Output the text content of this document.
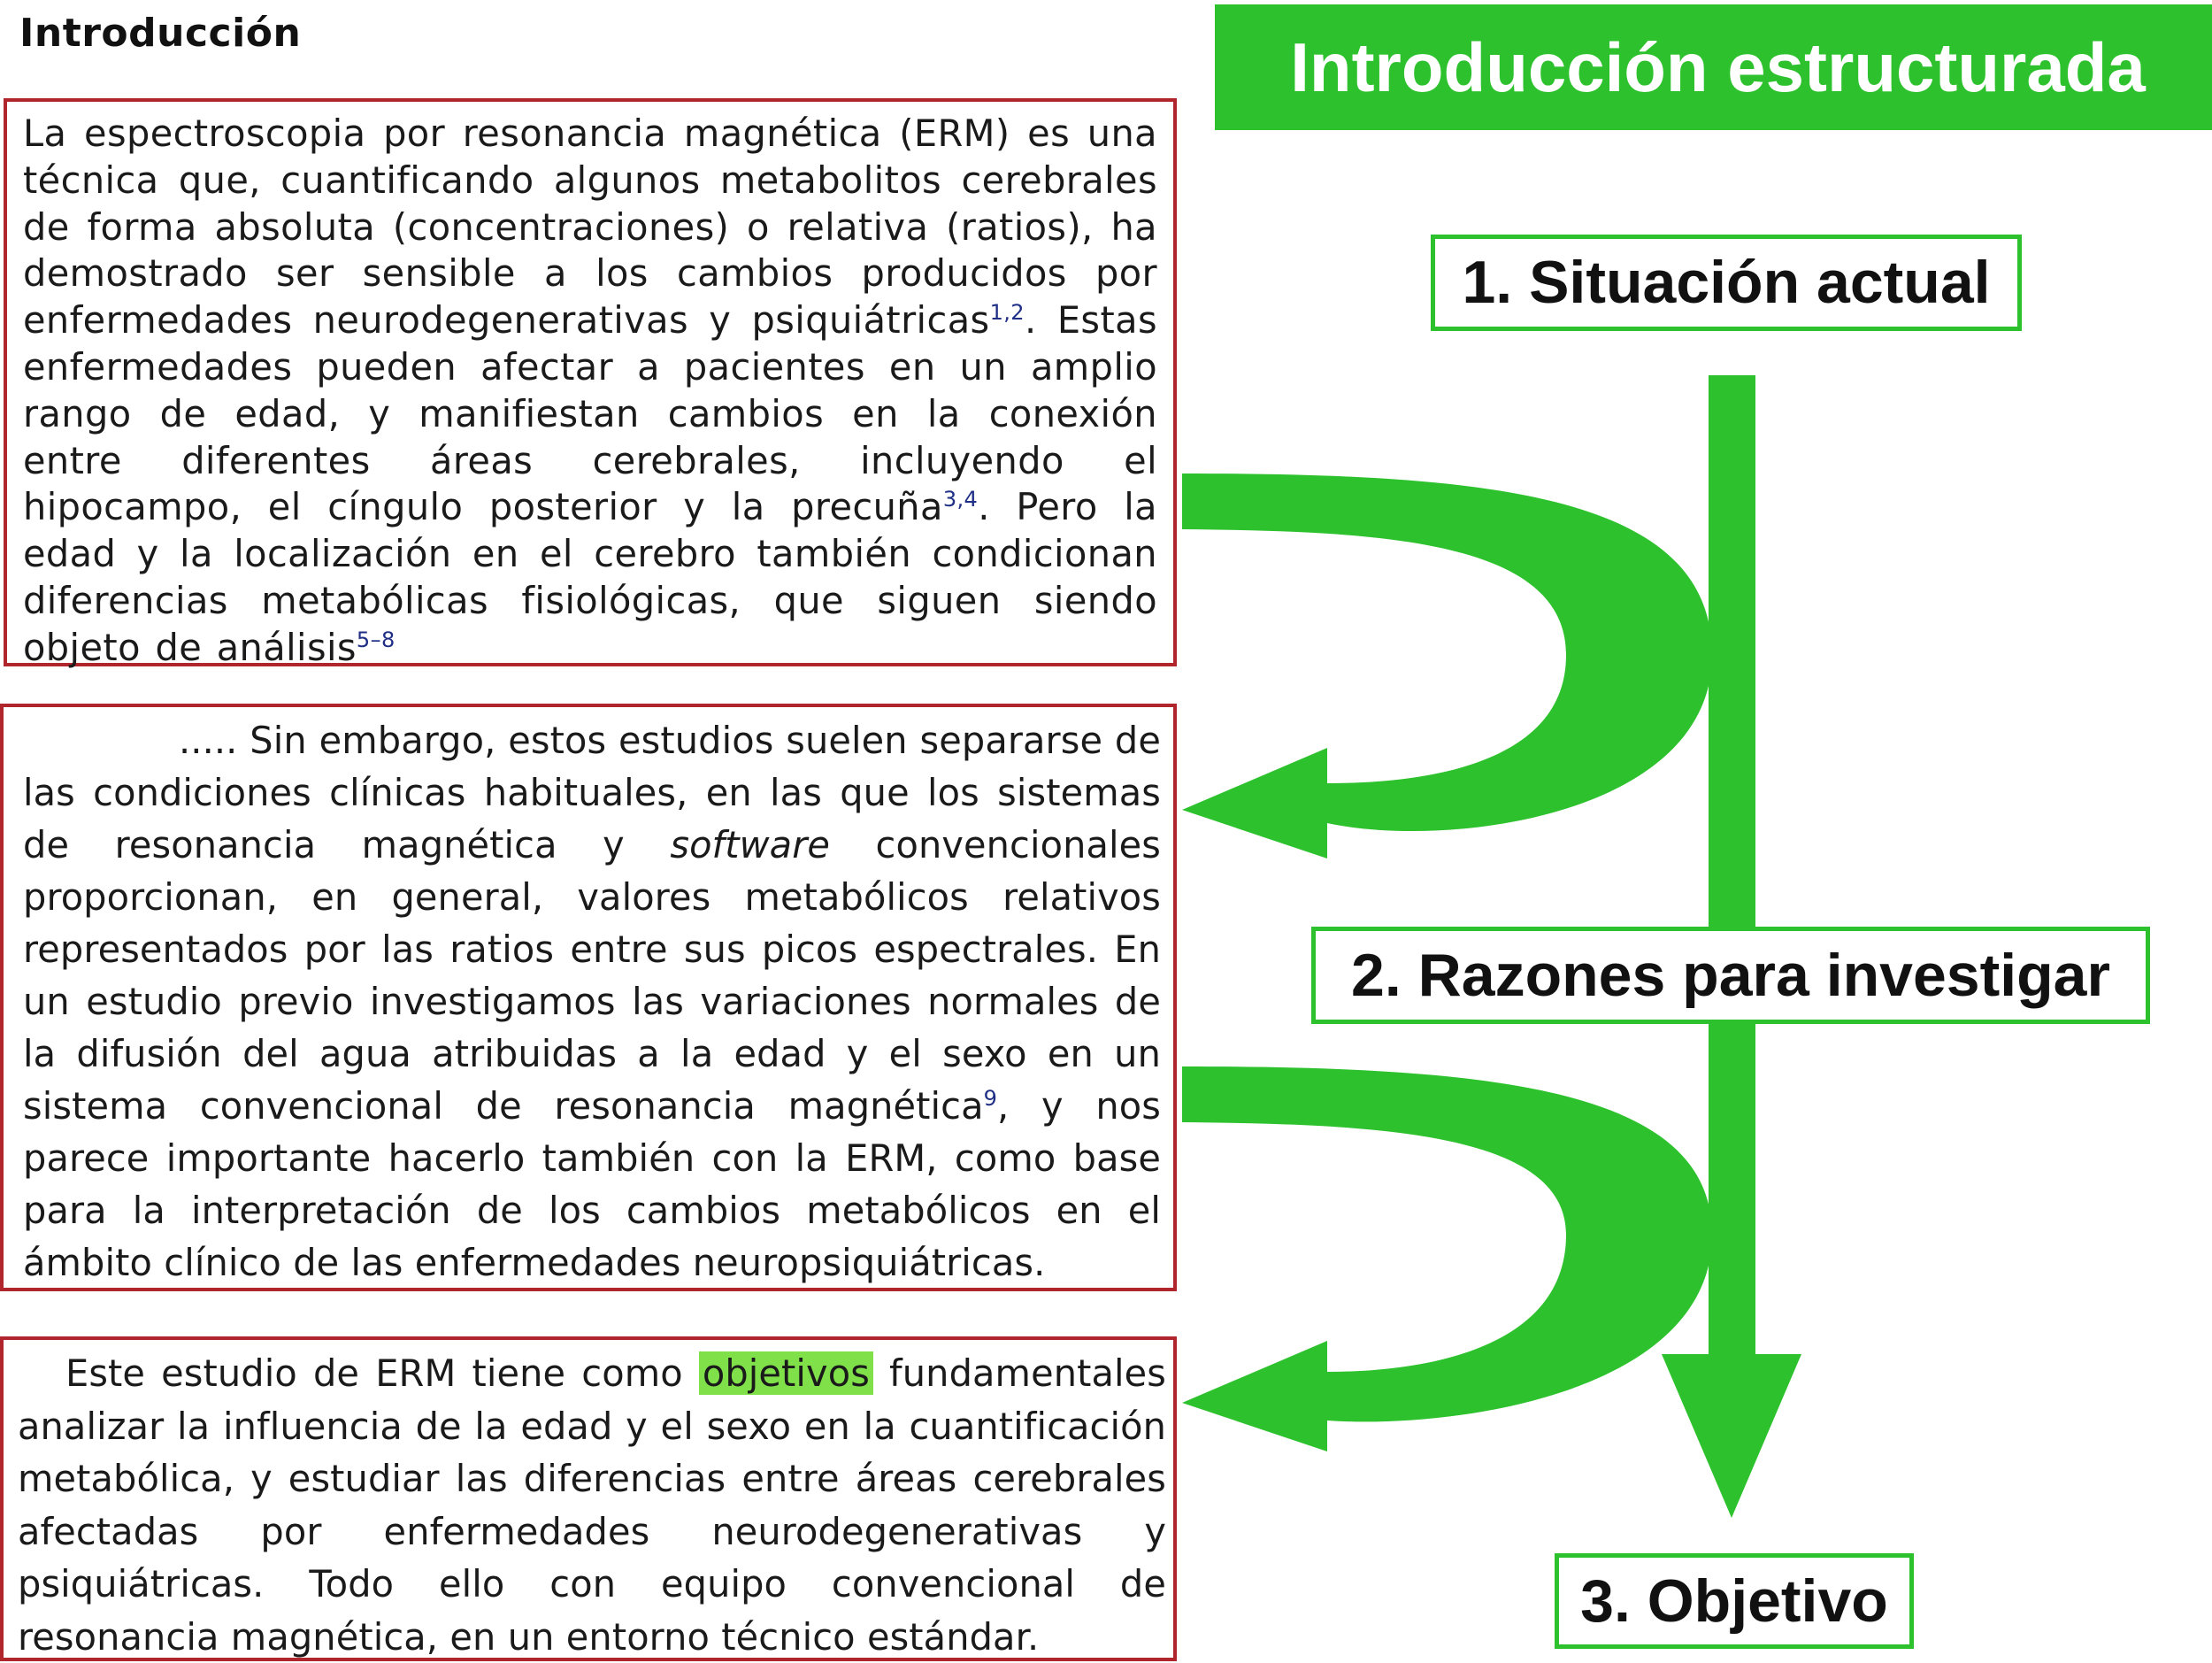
Introducción	Introducción estructurada
1. Situación actual
2. Razones para investigar
3. Objetivo

La espectroscopia por resonancia magnética (ERM) es una técnica que, cuantificando algunos metabolitos cerebrales de forma absoluta (concentraciones) o relativa (ratios), ha demostrado ser sensible a los cambios producidos por enfermedades neurodegenerativas y psiquiátricas$^{1,2}$. Estas enfermedades pueden afectar a pacientes en un amplio rango de edad, y manifiestan cambios en la conexión entre diferentes áreas cerebrales, incluyendo el hipocampo, el cíngulo posterior y la precuña$^{3,4}$. Pero la edad y la localización en el cerebro también condicionan diferencias metabólicas fisiológicas, que siguen siendo objeto de análisis$^{5-8}$

..... Sin embargo, estos estudios suelen separarse de las condiciones clínicas habituales, en las que los sistemas de resonancia magnética y software convencionales proporcionan, en general, valores metabólicos relativos representados por las ratios entre sus picos espectrales. En un estudio previo investigamos las variaciones normales de la difusión del agua atribuidas a la edad y el sexo en un sistema convencional de resonancia magnética$^9$, y nos parece importante hacerlo también con la ERM, como base para la interpretación de los cambios metabólicos en el ámbito clínico de las enfermedades neuropsiquiátricas.

Este estudio de ERM tiene como objetivos fundamentales analizar la influencia de la edad y el sexo en la cuantificación metabólica, y estudiar las diferencias entre áreas cerebrales afectadas por enfermedades neurodegenerativas y psiquiátricas. Todo ello con equipo convencional de resonancia magnética, en un entorno técnico estándar.
